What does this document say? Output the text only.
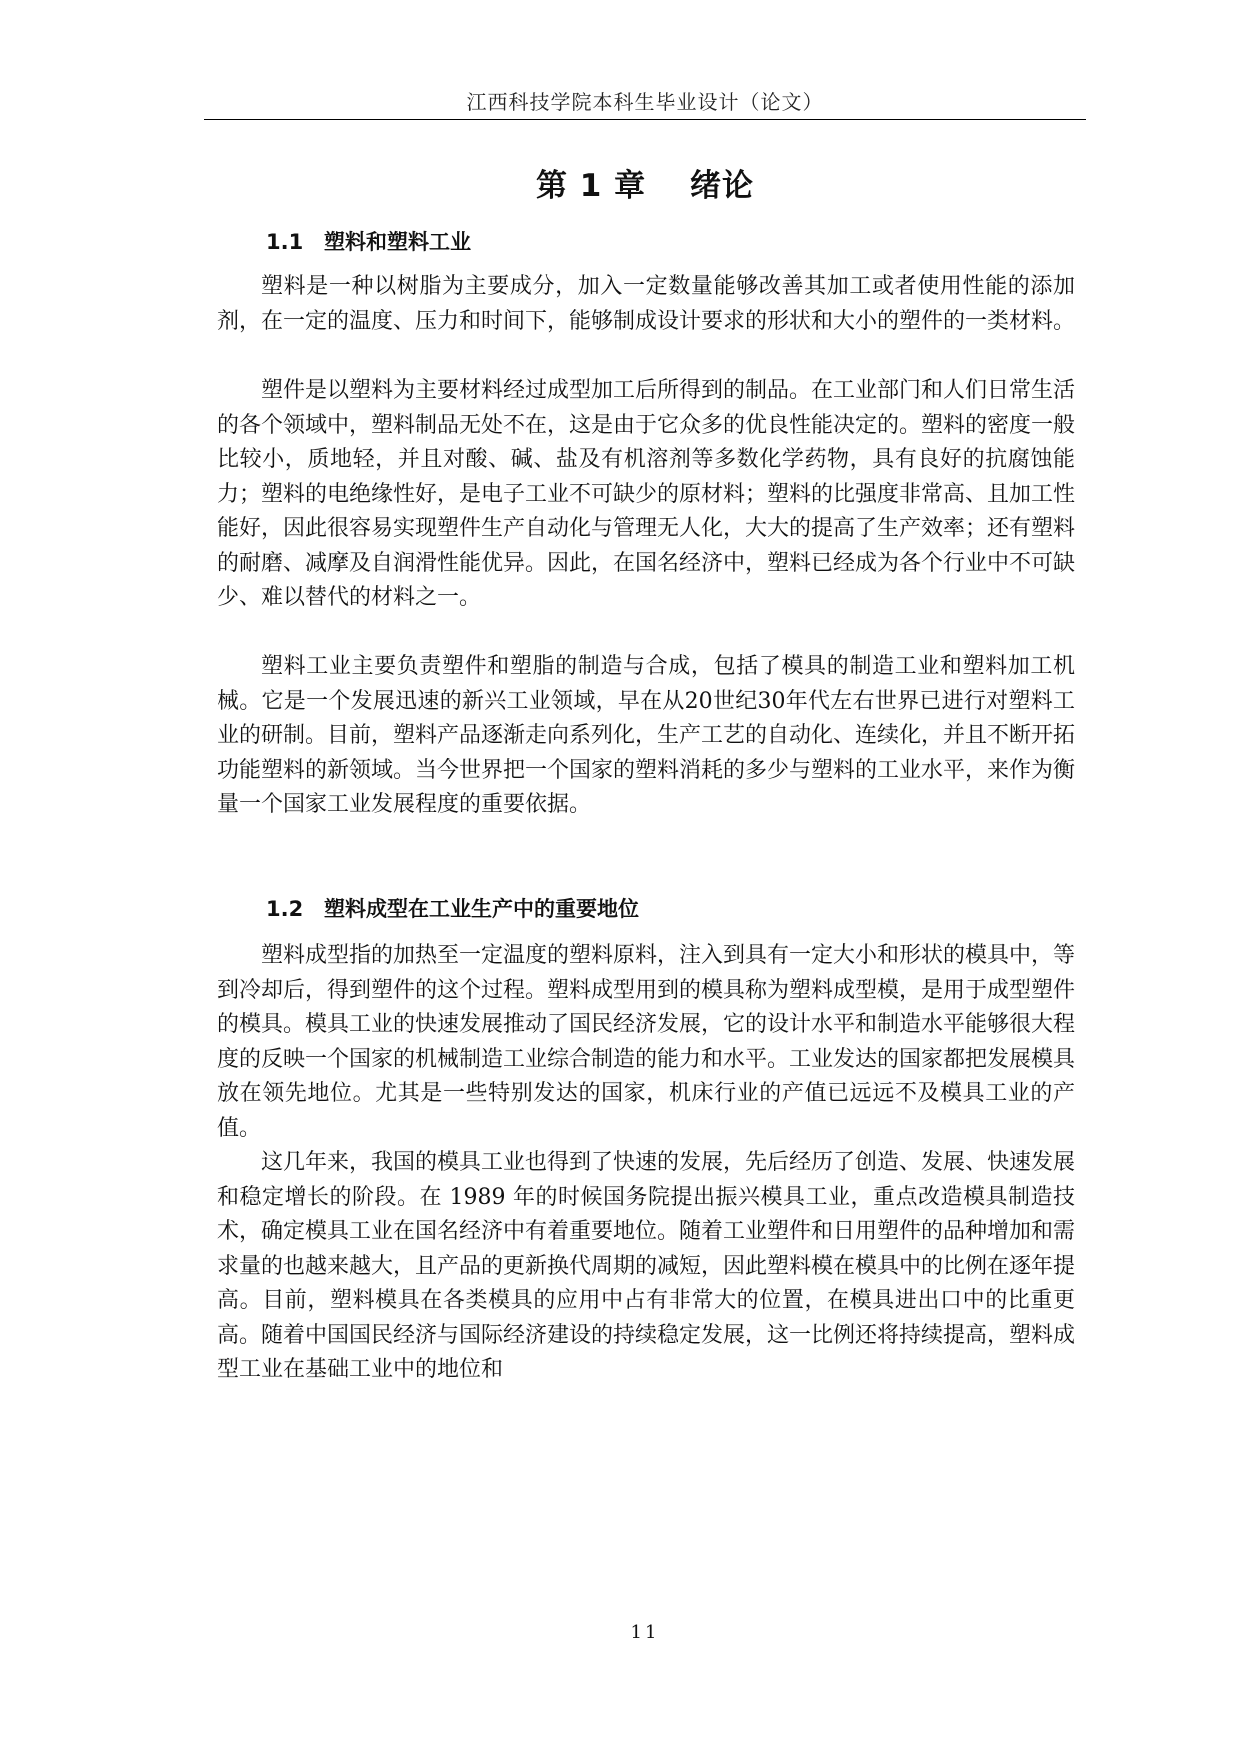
江西科技学院本科生毕业设计（论文）
第 1 章　 绪论
1.1 塑料和塑料工业

塑料是一种以树脂为主要成分，加入一定数量能够改善其加工或者使用性能的添加剂，在一定的温度、压力和时间下，能够制成设计要求的形状和大小的塑件的一类材料。

塑件是以塑料为主要材料经过成型加工后所得到的制品。在工业部门和人们日常生活的各个领域中，塑料制品无处不在，这是由于它众多的优良性能决定的。塑料的密度一般比较小，质地轻，并且对酸、碱、盐及有机溶剂等多数化学药物，具有良好的抗腐蚀能力；塑料的电绝缘性好，是电子工业不可缺少的原材料；塑料的比强度非常高、且加工性能好，因此很容易实现塑件生产自动化与管理无人化，大大的提高了生产效率；还有塑料的耐磨、减摩及自润滑性能优异。因此，在国名经济中，塑料已经成为各个行业中不可缺少、难以替代的材料之一。

塑料工业主要负责塑件和塑脂的制造与合成，包括了模具的制造工业和塑料加工机械。它是一个发展迅速的新兴工业领域，早在从20世纪30年代左右世界已进行对塑料工业的研制。目前，塑料产品逐渐走向系列化，生产工艺的自动化、连续化，并且不断开拓功能塑料的新领域。当今世界把一个国家的塑料消耗的多少与塑料的工业水平，来作为衡量一个国家工业发展程度的重要依据。

1.2 塑料成型在工业生产中的重要地位

塑料成型指的加热至一定温度的塑料原料，注入到具有一定大小和形状的模具中，等到冷却后，得到塑件的这个过程。塑料成型用到的模具称为塑料成型模，是用于成型塑件的模具。模具工业的快速发展推动了国民经济发展，它的设计水平和制造水平能够很大程度的反映一个国家的机械制造工业综合制造的能力和水平。工业发达的国家都把发展模具放在领先地位。尤其是一些特别发达的国家，机床行业的产值已远远不及模具工业的产值。

这几年来，我国的模具工业也得到了快速的发展，先后经历了创造、发展、快速发展和稳定增长的阶段。在 1989 年的时候国务院提出振兴模具工业，重点改造模具制造技术，确定模具工业在国名经济中有着重要地位。随着工业塑件和日用塑件的品种增加和需求量的也越来越大，且产品的更新换代周期的减短，因此塑料模在模具中的比例在逐年提高。目前，塑料模具在各类模具的应用中占有非常大的位置，在模具进出口中的比重更高。随着中国国民经济与国际经济建设的持续稳定发展，这一比例还将持续提高，塑料成型工业在基础工业中的地位和

11
